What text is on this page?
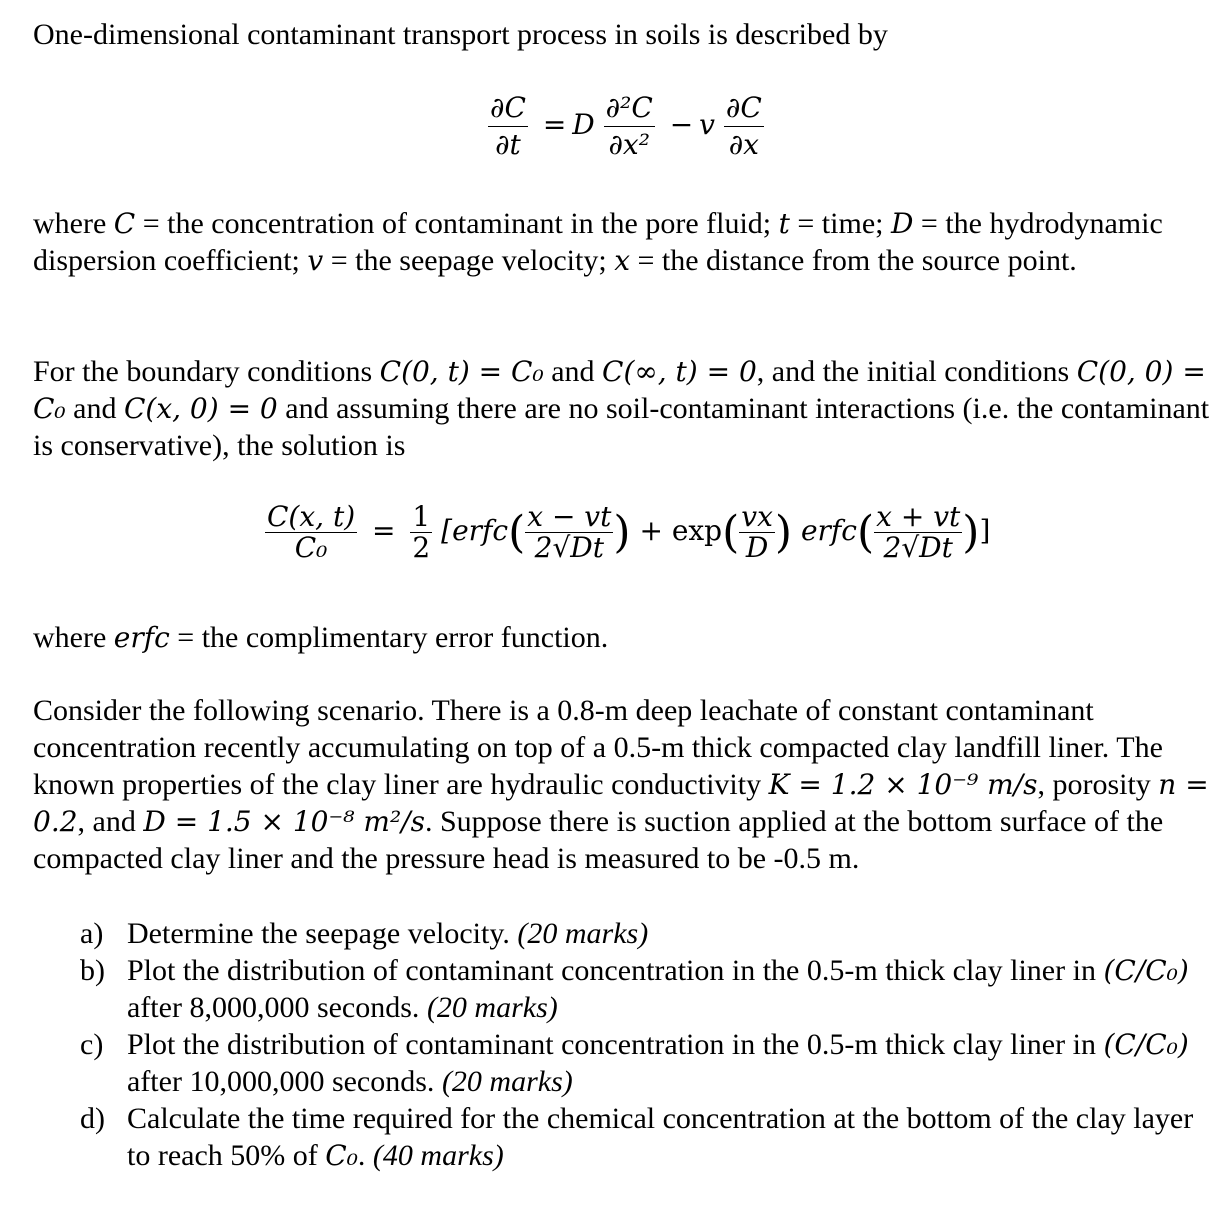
One-dimensional contaminant transport process in soils is described by

$\frac{\partial C}{\partial t} = D \frac{\text{∂²C}}{\text{∂x²}} - v \frac{\partial C}{\partial x}$

where C = the concentration of contaminant in the pore fluid; t = time; D = the hydrodynamic dispersion coefficient; v = the seepage velocity; x = the distance from the source point.

For the boundary conditions C(0, t) = C₀ and C(∞, t) = 0, and the initial conditions C(0, 0) = C₀ and C(x, 0) = 0 and assuming there are no soil-contaminant interactions (i.e. the contaminant is conservative), the solution is

$\frac{C(x, t)}{\text{C₀}} = \frac{1}{2}$ [erfc( $\frac{x - vt}{2√Dt}$ ) + $\exp( \frac{vx}{D}$ ) erfc( $\frac{x + vt}{2√Dt}$ )]

where erfc = the complimentary error function.

Consider the following scenario. There is a 0.8-m deep leachate of constant contaminant concentration recently accumulating on top of a 0.5-m thick compacted clay landfill liner. The known properties of the clay liner are hydraulic conductivity K = 1.2 × 10⁻⁹ m/s, porosity n = 0.2, and D = 1.5 × 10⁻⁸ m²/s. Suppose there is suction applied at the bottom surface of the compacted clay liner and the pressure head is measured to be -0.5 m.

a) Determine the seepage velocity. (20 marks)
b) Plot the distribution of contaminant concentration in the 0.5-m thick clay liner in (C/C₀) after 8,000,000 seconds. (20 marks)
c) Plot the distribution of contaminant concentration in the 0.5-m thick clay liner in (C/C₀) after 10,000,000 seconds. (20 marks)
d) Calculate the time required for the chemical concentration at the bottom of the clay layer to reach 50% of C₀. (40 marks)
